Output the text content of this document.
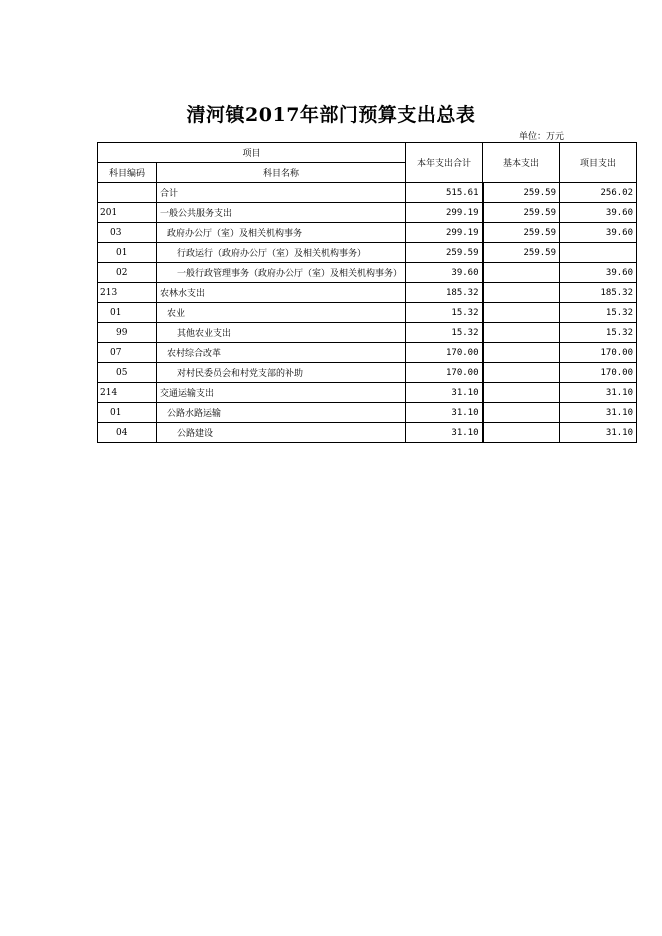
清河镇2017年部门预算支出总表
单位：万元
项目		本年支出合计	基本支出	项目支出
科目编码	科目名称			
	合计	515.61	259.59	256.02
201	一般公共服务支出	299.19	259.59	39.60
03	政府办公厅（室）及相关机构事务	299.19	259.59	39.60
01	行政运行（政府办公厅（室）及相关机构事务）	259.59	259.59	
02	一般行政管理事务（政府办公厅（室）及相关机构事务）	39.60		39.60
213	农林水支出	185.32		185.32
01	农业	15.32		15.32
99	其他农业支出	15.32		15.32
07	农村综合改革	170.00		170.00
05	对村民委员会和村党支部的补助	170.00		170.00
214	交通运输支出	31.10		31.10
01	公路水路运输	31.10		31.10
04	公路建设	31.10		31.10
